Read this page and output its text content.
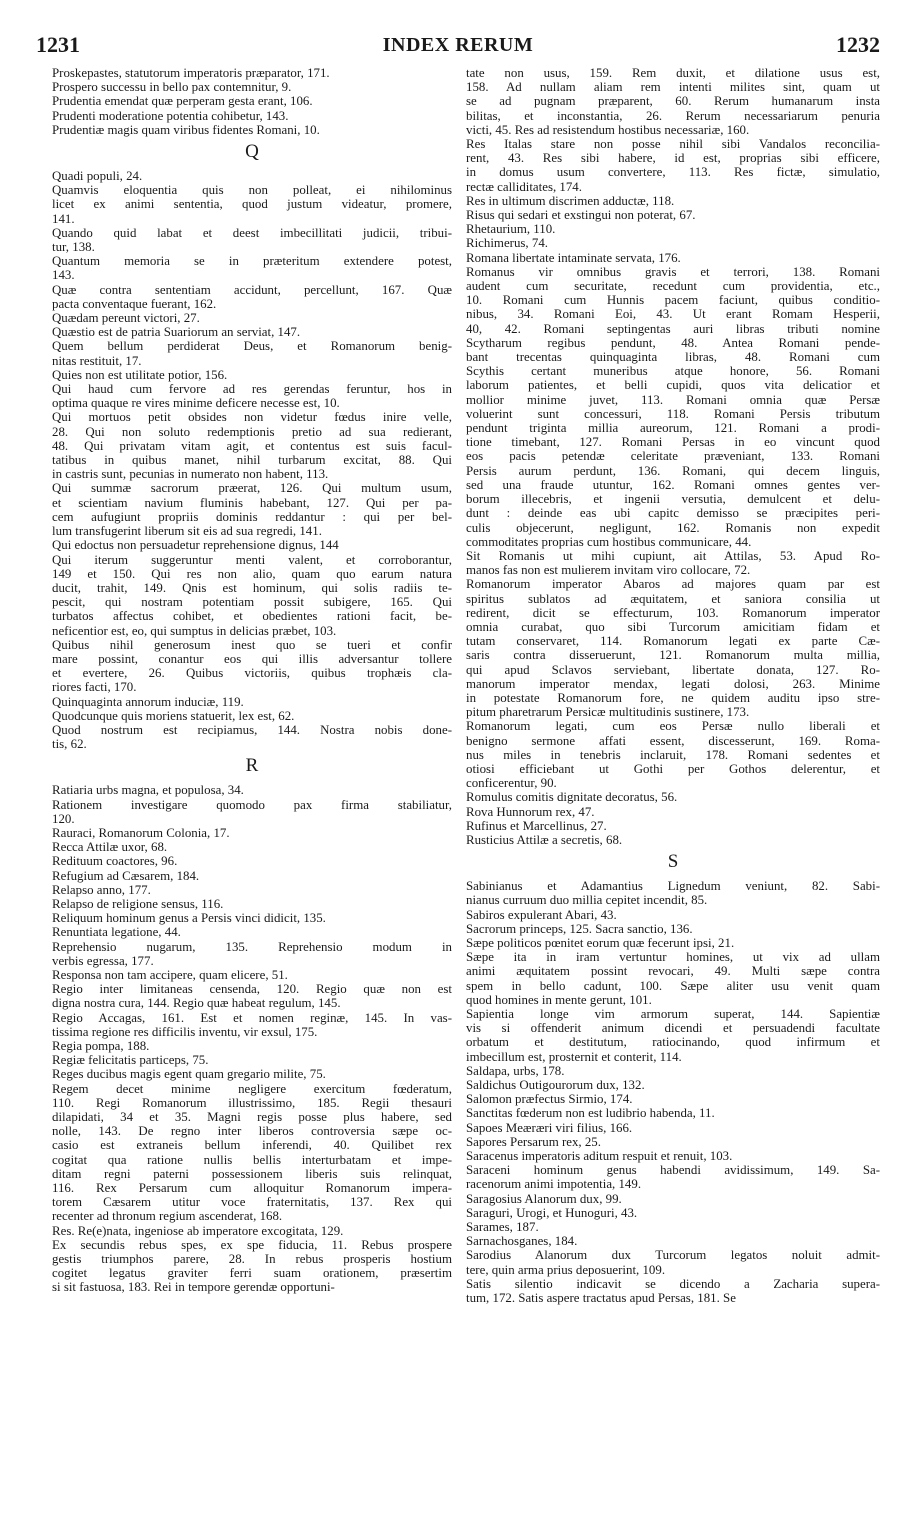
1231	INDEX RERUM	1232
Proskepastes, statutorum imperatoris præparator, 171.
Prospero successu in bello pax contemnitur, 9.
Prudentia emendat quæ perperam gesta erant, 106.
Prudenti moderatione potentia cohibetur, 143.
Prudentiæ magis quam viribus fidentes Romani, 10.
Q
Quadi populi, 24.
Quamvis eloquentia quis non polleat, ei nihilominus
licet ex animi sententia, quod justum videatur, promere,
141.
Quando quid labat et deest imbecillitati judicii, tribui-
tur, 138.
Quantum memoria se in præteritum extendere potest,
143.
Quæ contra sententiam accidunt, percellunt, 167. Quæ
pacta conventaque fuerant, 162.
Quædam pereunt victori, 27.
Quæstio est de patria Suariorum an serviat, 147.
Quem bellum perdiderat Deus, et Romanorum benig-
nitas restituit, 17.
Quies non est utilitate potior, 156.
Qui haud cum fervore ad res gerendas feruntur, hos in
optima quaque re vires minime deficere necesse est, 10.
Qui mortuos petit obsides non videtur fœdus inire velle,
28. Qui non soluto redemptionis pretio ad sua redierant,
48. Qui privatam vitam agit, et contentus est suis facul-
tatibus in quibus manet, nihil turbarum excitat, 88. Qui
in castris sunt, pecunias in numerato non habent, 113.
Qui summæ sacrorum præerat, 126. Qui multum usum,
et scientiam navium fluminis habebant, 127. Qui per pa-
cem aufugiunt propriis dominis reddantur : qui per bel-
lum transfugerint liberum sit eis ad sua regredi, 141.
Qui edoctus non persuadetur reprehensione dignus, 144
Qui iterum suggeruntur menti valent, et corroborantur,
149 et 150. Qui res non alio, quam quo earum natura
ducit, trahit, 149. Qnis est hominum, qui solis radiis te-
pescit, qui nostram potentiam possit subigere, 165. Qui
turbatos affectus cohibet, et obedientes rationi facit, be-
neficentior est, eo, qui sumptus in delicias præbet, 103.
Quibus nihil generosum inest quo se tueri et confir
mare possint, conantur eos qui illis adversantur tollere
et evertere, 26. Quibus victoriis, quibus trophæis cla-
riores facti, 170.
Quinquaginta annorum induciæ, 119.
Quodcunque quis moriens statuerit, lex est, 62.
Quod nostrum est recipiamus, 144. Nostra nobis done-
tis, 62.
R
Ratiaria urbs magna, et populosa, 34.
Rationem investigare quomodo pax firma stabiliatur,
120.
Rauraci, Romanorum Colonia, 17.
Recca Attilæ uxor, 68.
Redituum coactores, 96.
Refugium ad Cæsarem, 184.
Relapso anno, 177.
Relapso de religione sensus, 116.
Reliquum hominum genus a Persis vinci didicit, 135.
Renuntiata legatione, 44.
Reprehensio nugarum, 135. Reprehensio modum in
verbis egressa, 177.
Responsa non tam accipere, quam elicere, 51.
Regio inter limitaneas censenda, 120. Regio quæ non est
digna nostra cura, 144. Regio quæ habeat regulum, 145.
Regio Accagas, 161. Est et nomen reginæ, 145. In vas-
tissima regione res difficilis inventu, vir exsul, 175.
Regia pompa, 188.
Regiæ felicitatis particeps, 75.
Reges ducibus magis egent quam gregario milite, 75.
Regem decet minime negligere exercitum fœderatum,
110. Regi Romanorum illustrissimo, 185. Regii thesauri
dilapidati, 34 et 35. Magni regis posse plus habere, sed
nolle, 143. De regno inter liberos controversia sæpe oc-
casio est extraneis bellum inferendi, 40. Quilibet rex
cogitat qua ratione nullis bellis interturbatam et impe-
ditam regni paterni possessionem liberis suis relinquat,
116. Rex Persarum cum alloquitur Romanorum impera-
torem Cæsarem utitur voce fraternitatis, 137. Rex qui
recenter ad thronum regium ascenderat, 168.
Res. Re(e)nata, ingeniose ab imperatore excogitata, 129.
Ex secundis rebus spes, ex spe fiducia, 11. Rebus prospere
gestis triumphos parere, 28. In rebus prosperis hostium
cogitet legatus graviter ferri suam orationem, præsertim
si sit fastuosa, 183. Rei in tempore gerendæ opportuni-
tate non usus, 159. Rem duxit, et dilatione usus est,
158. Ad nullam aliam rem intenti milites sint, quam ut
se ad pugnam præparent, 60. Rerum humanarum insta
bilitas, et inconstantia, 26. Rerum necessariarum penuria
victi, 45. Res ad resistendum hostibus necessariæ, 160.
Res Italas stare non posse nihil sibi Vandalos reconcilia-
rent, 43. Res sibi habere, id est, proprias sibi efficere,
in domus usum convertere, 113. Res fictæ, simulatio,
rectæ calliditates, 174.
Res in ultimum discrimen adductæ, 118.
Risus qui sedari et exstingui non poterat, 67.
Rhetaurium, 110.
Richimerus, 74.
Romana libertate intaminate servata, 176.
Romanus vir omnibus gravis et terrori, 138. Romani
audent cum securitate, recedunt cum providentia, etc.,
10. Romani cum Hunnis pacem faciunt, quibus conditio-
nibus, 34. Romani Eoi, 43. Ut erant Romam Hesperii,
40, 42. Romani septingentas auri libras tributi nomine
Scytharum regibus pendunt, 48. Antea Romani pende-
bant trecentas quinquaginta libras, 48. Romani cum
Scythis certant muneribus atque honore, 56. Romani
laborum patientes, et belli cupidi, quos vita delicatior et
mollior minime juvet, 113. Romani omnia quæ Persæ
voluerint sunt concessuri, 118. Romani Persis tributum
pendunt triginta millia aureorum, 121. Romani a prodi-
tione timebant, 127. Romani Persas in eo vincunt quod
eos pacis petendæ celeritate præveniant, 133. Romani
Persis aurum perdunt, 136. Romani, qui decem linguis,
sed una fraude utuntur, 162. Romani omnes gentes ver-
borum illecebris, et ingenii versutia, demulcent et delu-
dunt : deinde eas ubi capitc demisso se præcipites peri-
culis objecerunt, negligunt, 162. Romanis non expedit
commoditates proprias cum hostibus communicare, 44.
Sit Romanis ut mihi cupiunt, ait Attilas, 53. Apud Ro-
manos fas non est mulierem invitam viro collocare, 72.
Romanorum imperator Abaros ad majores quam par est
spiritus sublatos ad æquitatem, et saniora consilia ut
redirent, dicit se effecturum, 103. Romanorum imperator
omnia curabat, quo sibi Turcorum amicitiam fidam et
tutam conservaret, 114. Romanorum legati ex parte Cæ-
saris contra disseruerunt, 121. Romanorum multa millia,
qui apud Sclavos serviebant, libertate donata, 127. Ro-
manorum imperator mendax, legati dolosi, 263. Minime
in potestate Romanorum fore, ne quidem auditu ipso stre-
pitum pharetrarum Persicæ multitudinis sustinere, 173.
Romanorum legati, cum eos Persæ nullo liberali et
benigno sermone affati essent, discesserunt, 169. Roma-
nus miles in tenebris inclaruit, 178. Romani sedentes et
otiosi efficiebant ut Gothi per Gothos delerentur, et
conficerentur, 90.
Romulus comitis dignitate decoratus, 56.
Rova Hunnorum rex, 47.
Rufinus et Marcellinus, 27.
Rusticius Attilæ a secretis, 68.
S
Sabinianus et Adamantius Lignedum veniunt, 82. Sabi-
nianus curruum duo millia cepitet incendit, 85.
Sabiros expulerant Abari, 43.
Sacrorum princeps, 125. Sacra sanctio, 136.
Sæpe politicos pœnitet eorum quæ fecerunt ipsi, 21.
Sæpe ita in iram vertuntur homines, ut vix ad ullam
animi æquitatem possint revocari, 49. Multi sæpe contra
spem in bello cadunt, 100. Sæpe aliter usu venit quam
quod homines in mente gerunt, 101.
Sapientia longe vim armorum superat, 144. Sapientiæ
vis si offenderit animum dicendi et persuadendi facultate
orbatum et destitutum, ratiocinando, quod infirmum et
imbecillum est, prosternit et conterit, 114.
Saldapa, urbs, 178.
Saldichus Outigourorum dux, 132.
Salomon præfectus Sirmio, 174.
Sanctitas fœderum non est ludibrio habenda, 11.
Sapoes Meæræri viri filius, 166.
Sapores Persarum rex, 25.
Saracenus imperatoris aditum respuit et renuit, 103.
Saraceni hominum genus habendi avidissimum, 149. Sa-
racenorum animi impotentia, 149.
Saragosius Alanorum dux, 99.
Saraguri, Urogi, et Hunoguri, 43.
Sarames, 187.
Sarnachosganes, 184.
Sarodius Alanorum dux Turcorum legatos noluit admit-
tere, quin arma prius deposuerint, 109.
Satis silentio indicavit se dicendo a Zacharia supera-
tum, 172. Satis aspere tractatus apud Persas, 181. Se
